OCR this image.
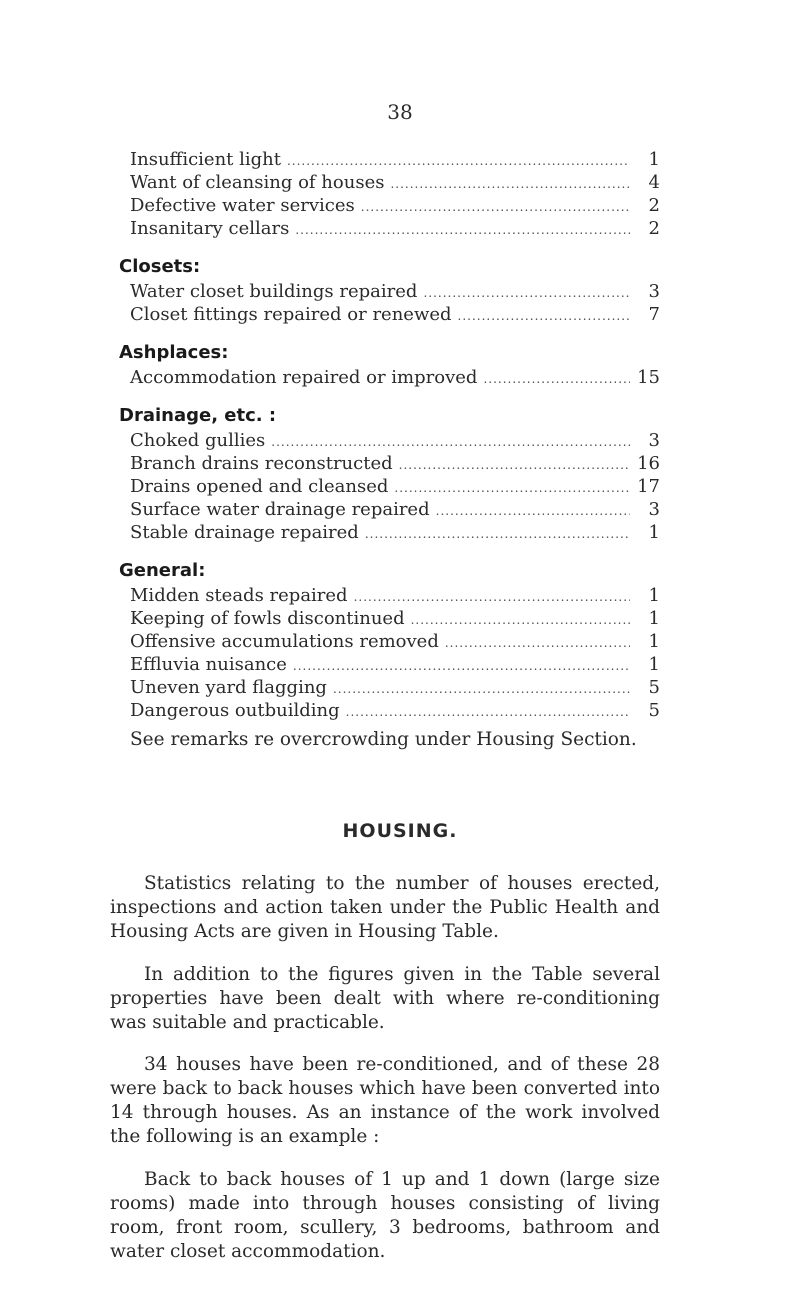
38
Insufficient light .....	1
Want of cleansing of houses .....	4
Defective water services .....	2
Insanitary cellars .....	2
Closets:
Water closet buildings repaired .....	3
Closet fittings repaired or renewed .....	7
Ashplaces:
Accommodation repaired or improved .....	15
Drainage, etc. :
Choked gullies .....	3
Branch drains reconstructed .....	16
Drains opened and cleansed .....	17
Surface water drainage repaired .....	3
Stable drainage repaired .....	1
General:
Midden steads repaired .....	1
Keeping of fowls discontinued .....	1
Offensive accumulations removed .....	1
Effluvia nuisance .....	1
Uneven yard flagging .....	5
Dangerous outbuilding .....	5
See remarks re overcrowding under Housing Section.
HOUSING.

Statistics relating to the number of houses erected, inspections and action taken under the Public Health and Housing Acts are given in Housing Table.

In addition to the figures given in the Table several properties have been dealt with where re-conditioning was suitable and practicable.

34 houses have been re-conditioned, and of these 28 were back to back houses which have been converted into 14 through houses. As an instance of the work involved the following is an example :

Back to back houses of 1 up and 1 down (large size rooms) made into through houses consisting of living room, front room, scullery, 3 bedrooms, bathroom and water closet accommodation.
